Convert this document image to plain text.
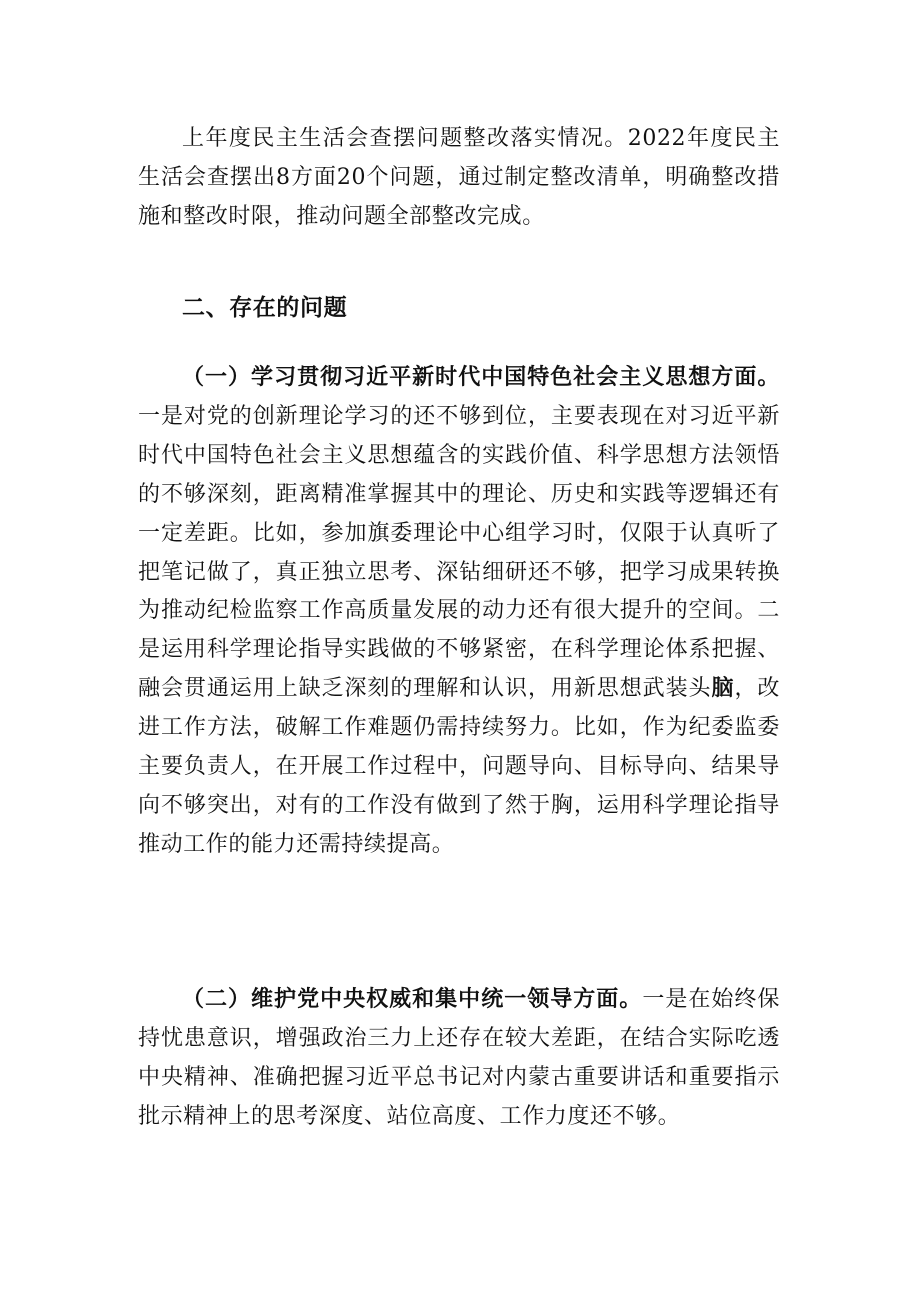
上年度民主生活会查摆问题整改落实情况。2022年度民主生活会查摆出8方面20个问题，通过制定整改清单，明确整改措施和整改时限，推动问题全部整改完成。

二、存在的问题

（一）学习贯彻习近平新时代中国特色社会主义思想方面。一是对党的创新理论学习的还不够到位，主要表现在对习近平新时代中国特色社会主义思想蕴含的实践价值、科学思想方法领悟的不够深刻，距离精准掌握其中的理论、历史和实践等逻辑还有一定差距。比如，参加旗委理论中心组学习时，仅限于认真听了把笔记做了，真正独立思考、深钻细研还不够，把学习成果转换为推动纪检监察工作高质量发展的动力还有很大提升的空间。二是运用科学理论指导实践做的不够紧密，在科学理论体系把握、融会贯通运用上缺乏深刻的理解和认识，用新思想武装头脑，改进工作方法，破解工作难题仍需持续努力。比如，作为纪委监委主要负责人，在开展工作过程中，问题导向、目标导向、结果导向不够突出，对有的工作没有做到了然于胸，运用科学理论指导推动工作的能力还需持续提高。

（二）维护党中央权威和集中统一领导方面。一是在始终保持忧患意识，增强政治三力上还存在较大差距，在结合实际吃透中央精神、准确把握习近平总书记对内蒙古重要讲话和重要指示批示精神上的思考深度、站位高度、工作力度还不够。
